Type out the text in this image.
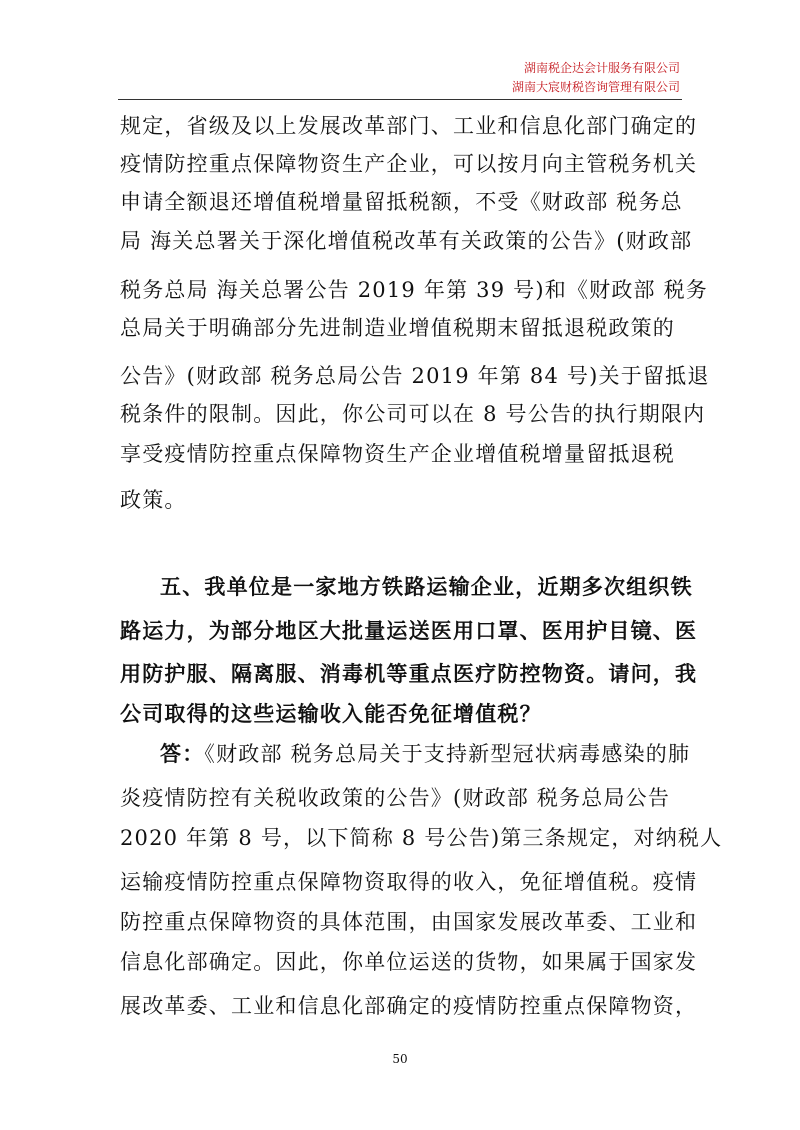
湖南税企达会计服务有限公司
湖南大宸财税咨询管理有限公司
规定，省级及以上发展改革部门、工业和信息化部门确定的
疫情防控重点保障物资生产企业，可以按月向主管税务机关
申请全额退还增值税增量留抵税额，不受《财政部 税务总
局 海关总署关于深化增值税改革有关政策的公告》(财政部
税务总局 海关总署公告 2019 年第 39 号)和《财政部 税务
总局关于明确部分先进制造业增值税期末留抵退税政策的
公告》(财政部 税务总局公告 2019 年第 84 号)关于留抵退
税条件的限制。因此，你公司可以在 8 号公告的执行期限内
享受疫情防控重点保障物资生产企业增值税增量留抵退税
政策。
五、我单位是一家地方铁路运输企业，近期多次组织铁
路运力，为部分地区大批量运送医用口罩、医用护目镜、医
用防护服、隔离服、消毒机等重点医疗防控物资。请问，我
公司取得的这些运输收入能否免征增值税？
答：《财政部 税务总局关于支持新型冠状病毒感染的肺
炎疫情防控有关税收政策的公告》(财政部 税务总局公告
2020 年第 8 号，以下简称 8 号公告)第三条规定，对纳税人
运输疫情防控重点保障物资取得的收入，免征增值税。疫情
防控重点保障物资的具体范围，由国家发展改革委、工业和
信息化部确定。因此，你单位运送的货物，如果属于国家发
展改革委、工业和信息化部确定的疫情防控重点保障物资，
50
